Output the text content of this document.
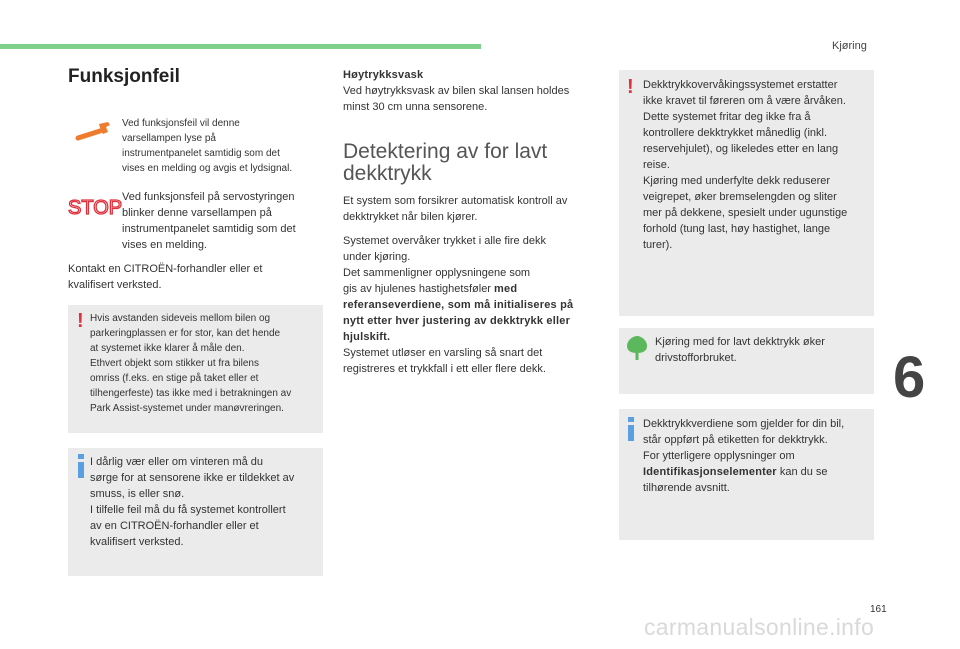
Kjøring
Funksjonfeil
Ved funksjonsfeil vil denne
varsellampen lyse på
instrumentpanelet samtidig som det
vises en melding og avgis et lydsignal.
STOP Ved funksjonsfeil på servostyringen
blinker denne varsellampen på
instrumentpanelet samtidig som det
vises en melding.
Kontakt en CITROËN-forhandler eller et
kvalifisert verksted.
! Hvis avstanden sideveis mellom bilen og
parkeringplassen er for stor, kan det hende
at systemet ikke klarer å måle den.
Ethvert objekt som stikker ut fra bilens
omriss (f.eks. en stige på taket eller et
tilhengerfeste) tas ikke med i betrakningen av
Park Assist-systemet under manøvreringen.
I dårlig vær eller om vinteren må du
sørge for at sensorene ikke er tildekket av
smuss, is eller snø.
I tilfelle feil må du få systemet kontrollert
av en CITROËN-forhandler eller et
kvalifisert verksted.
Høytrykksvask
Ved høytrykksvask av bilen skal lansen holdes
minst 30 cm unna sensorene.
Detektering av for lavt
dekktrykk
Et system som forsikrer automatisk kontroll av
dekktrykket når bilen kjører.
Systemet overvåker trykket i alle fire dekk
under kjøring.
Det sammenligner opplysningene som
gis av hjulenes hastighetsføler med
referanseverdiene, som må initialiseres på
nytt etter hver justering av dekktrykk eller
hjulskift.
Systemet utløser en varsling så snart det
registreres et trykkfall i ett eller flere dekk.
! Dekktrykkovervåkingssystemet erstatter
ikke kravet til føreren om å være årvåken.
Dette systemet fritar deg ikke fra å
kontrollere dekktrykket månedlig (inkl.
reservehjulet), og likeledes etter en lang
reise.
Kjøring med underfylte dekk reduserer
veigrepet, øker bremselengden og sliter
mer på dekkene, spesielt under ugunstige
forhold (tung last, høy hastighet, lange
turer).
Kjøring med for lavt dekktrykk øker
drivstofforbruket.
Dekktrykkverdiene som gjelder for din bil,
står oppført på etiketten for dekktrykk.
For ytterligere opplysninger om
Identifikasjonselementer kan du se
tilhørende avsnitt.
6
161
carmanualsonline.info
